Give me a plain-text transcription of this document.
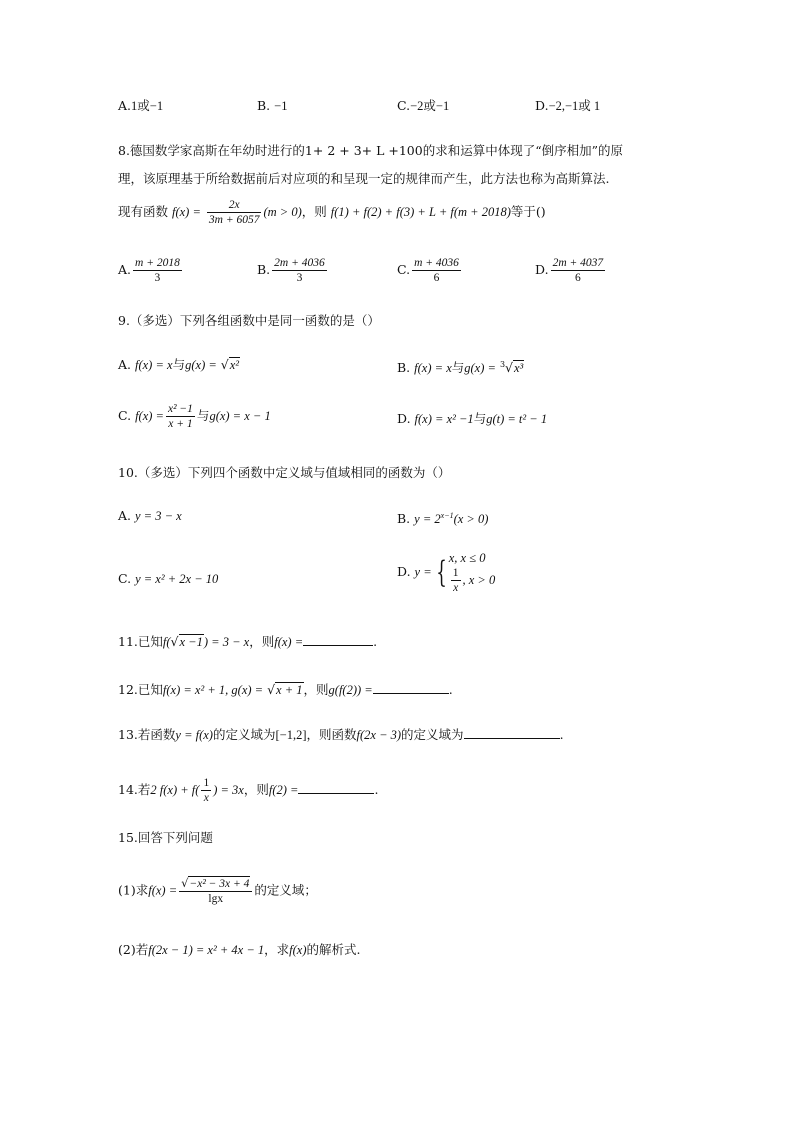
A.1或−1	B. −1	C.−2或−1	D.−2,−1或 1
8.德国数学家高斯在年幼时进行的1+ 2 + 3+ L +100的求和运算中体现了“倒序相加”的原
理，该原理基于所给数据前后对应项的和呈现一定的规律而产生，此方法也称为高斯算法.
现有函数 $f(x) = \frac{2x}{3m + 6057} (m > 0)$，则 f(1) + f(2) + f(3) + L + f(m + 2018)等于()
A. $\frac{m + 2018}{3}$	B. $\frac{2m + 4036}{3}$	C. $\frac{m + 4036}{6}$	D. $\frac{2m + 4037}{6}$
9.（多选）下列各组函数中是同一函数的是（）
A. f(x) = x与g(x) = √x²	B. f(x) = x与g(x) = $^3$√x³
C. $f(x) = \frac{\text{x² −1}}{x + 1}$ 与g(x) = x − 1	D. f(x) = x² −1与g(t) = t² − 1
10.（多选）下列四个函数中定义域与值域相同的函数为（）
A. y = 3 − x	B. $y = 2^{x-1}(x > 0)$
C. y = x² + 2x − 10	D. y = { x, x ≤ 0
$\frac{1}{x}$ , x > 0
11.已知f(√x −1) = 3 − x，则f(x) =	.
12.已知f(x) = x² + 1, g(x) = √x + 1，则g(f(2)) =	.
13.若函数y = f(x)的定义域为[−1,2]，则函数f(2x − 3)的定义域为	.
14.若2 $f(x) + f( \frac{1}{x}$ ) = 3x，则f(2) =	.
15.回答下列问题
(1)求$f(x) = \frac{\text{√−x² − 3x + 4}}{\lg x}$ 的定义域；
(2)若f(2x − 1) = x² + 4x − 1，求f(x)的解析式.
